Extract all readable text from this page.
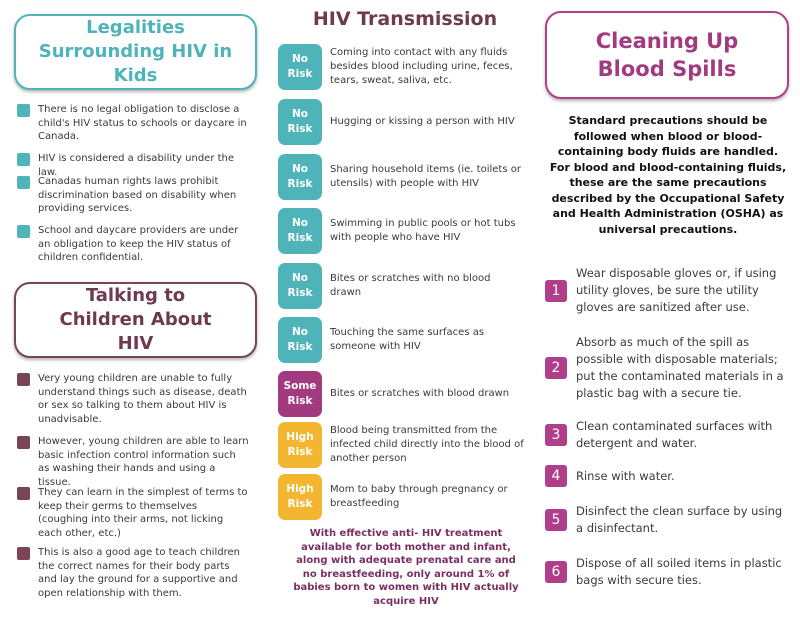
Legalities Surrounding HIV in Kids
There is no legal obligation to disclose a child's HIV status to schools or daycare in Canada.
HIV is considered a disability under the law.
Canadas human rights laws prohibit discrimination based on disability when providing services.
School and daycare providers are under an obligation to keep the HIV status of children confidential.
Talking to Children About HIV
Very young children are unable to fully understand things such as disease, death or sex so talking to them about HIV is unadvisable.
However, young children are able to learn basic infection control information such as washing their hands and using a tissue.
They can learn in the simplest of terms to keep their germs to themselves (coughing into their arms, not licking each other, etc.)
This is also a good age to teach children the correct names for their body parts and lay the ground for a supportive and open relationship with them.
HIV Transmission
No
Risk
Coming into contact with any fluids besides blood including urine, feces, tears, sweat, saliva, etc.
No
Risk
Hugging or kissing a person with HIV
No
Risk
Sharing household items (ie. toilets or utensils) with people with HIV
No
Risk
Swimming in public pools or hot tubs with people who have HIV
No
Risk
Bites or scratches with no blood drawn
No
Risk
Touching the same surfaces as someone with HIV
Some
Risk
Bites or scratches with blood drawn
High
Risk
Blood being transmitted from the infected child directly into the blood of another person
High
Risk
Mom to baby through pregnancy or breastfeeding
With effective anti- HIV treatment available for both mother and infant, along with adequate prenatal care and no breastfeeding, only around 1% of babies born to women with HIV actually acquire HIV
Cleaning Up Blood Spills
Standard precautions should be followed when blood or blood- containing body fluids are handled. For blood and blood-containing fluids, these are the same precautions described by the Occupational Safety and Health Administration (OSHA) as universal precautions.
1
Wear disposable gloves or, if using utility gloves, be sure the utility gloves are sanitized after use.
2
Absorb as much of the spill as possible with disposable materials; put the contaminated materials in a plastic bag with a secure tie.
3
Clean contaminated surfaces with detergent and water.
4	Rinse with water.
5
Disinfect the clean surface by using a disinfectant.
6
Dispose of all soiled items in plastic bags with secure ties.
